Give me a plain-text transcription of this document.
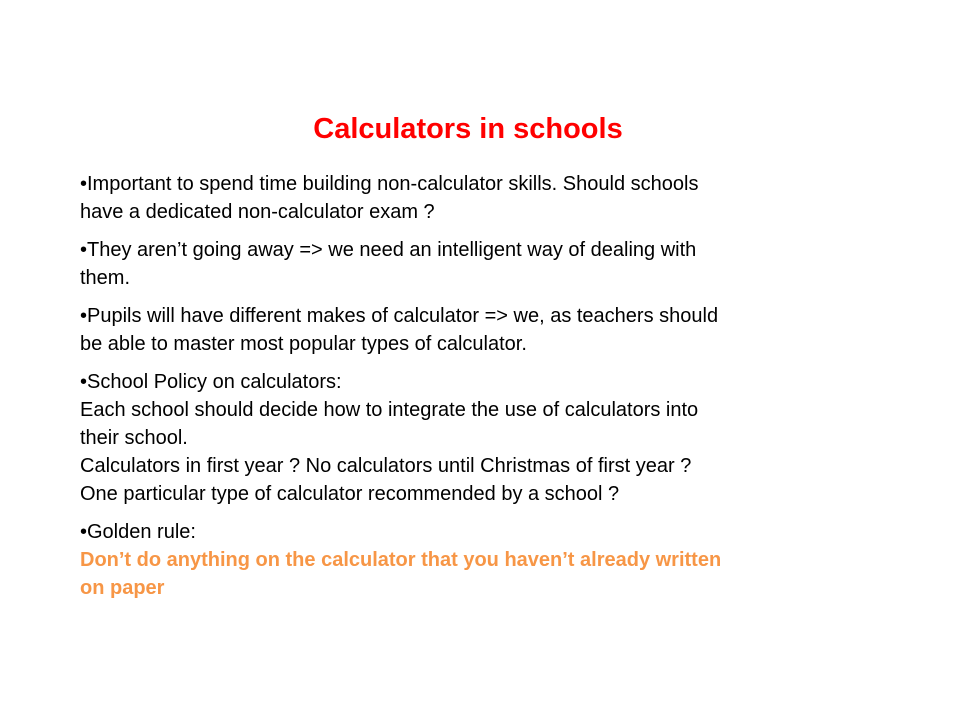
Calculators in schools
•Important to spend time building non-calculator skills. Should schools
have a dedicated non-calculator exam ?
•They aren’t going away => we need an intelligent way of dealing with
them.
•Pupils will have different makes of calculator => we, as teachers should
be able to master most popular types of calculator.
•School Policy on calculators:
Each school should decide how to integrate the use of calculators into
their school.
Calculators in first year ? No calculators until Christmas of first year ?
One particular type of calculator recommended by a school ?
•Golden rule:
Don’t do anything on the calculator that you haven’t already written
on paper
